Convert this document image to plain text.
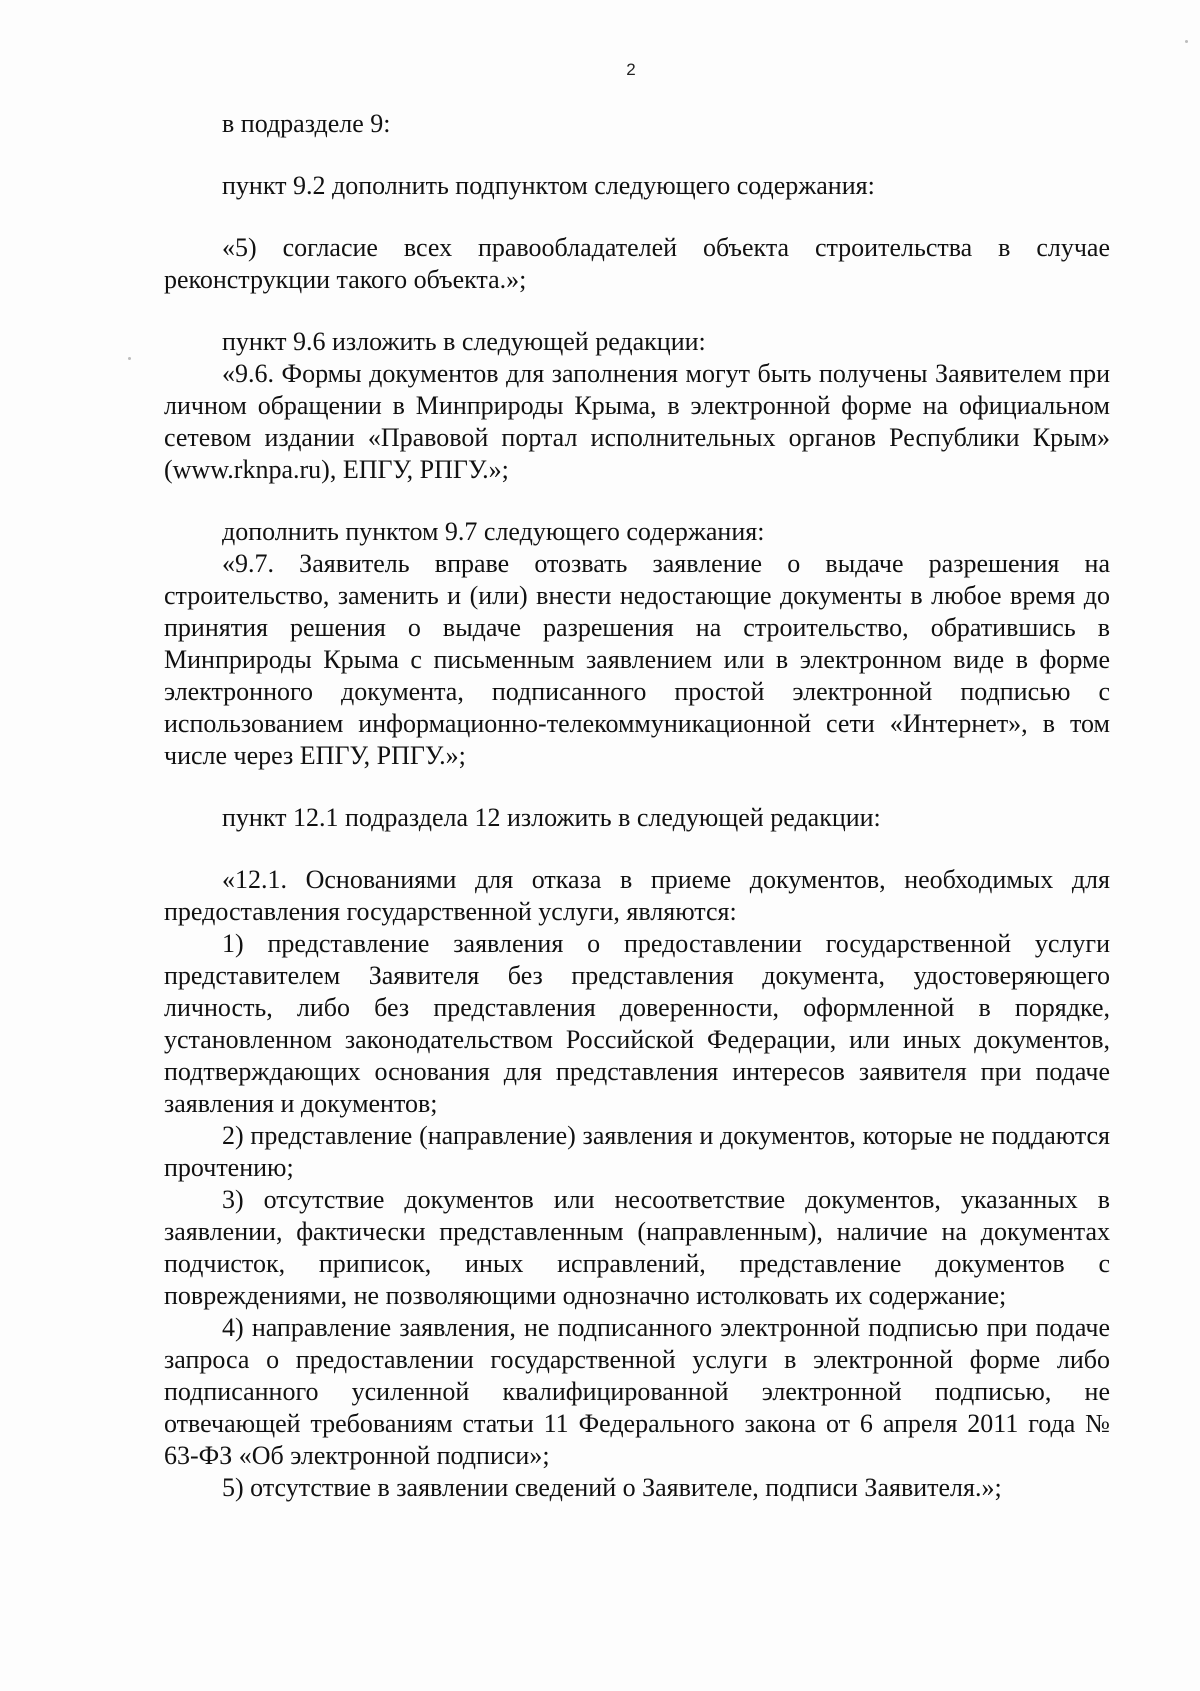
2

в подразделе 9:

пункт 9.2 дополнить подпунктом следующего содержания:

«5) согласие всех правообладателей объекта строительства в случае реконструкции такого объекта.»;

пункт 9.6 изложить в следующей редакции:

«9.6. Формы документов для заполнения могут быть получены Заявителем при личном обращении в Минприроды Крыма, в электронной форме на официальном сетевом издании «Правовой портал исполнительных органов Республики Крым» (www.rknpa.ru), ЕПГУ, РПГУ.»;

дополнить пунктом 9.7 следующего содержания:

«9.7. Заявитель вправе отозвать заявление о выдаче разрешения на строительство, заменить и (или) внести недостающие документы в любое время до принятия решения о выдаче разрешения на строительство, обратившись в Минприроды Крыма с письменным заявлением или в электронном виде в форме электронного документа, подписанного простой электронной подписью с использованием информационно-телекоммуникационной сети «Интернет», в том числе через ЕПГУ, РПГУ.»;

пункт 12.1 подраздела 12 изложить в следующей редакции:

«12.1. Основаниями для отказа в приеме документов, необходимых для предоставления государственной услуги, являются:

1) представление заявления о предоставлении государственной услуги представителем Заявителя без представления документа, удостоверяющего личность, либо без представления доверенности, оформленной в порядке, установленном законодательством Российской Федерации, или иных документов, подтверждающих основания для представления интересов заявителя при подаче заявления и документов;

2) представление (направление) заявления и документов, которые не поддаются прочтению;

3) отсутствие документов или несоответствие документов, указанных в заявлении, фактически представленным (направленным), наличие на документах подчисток, приписок, иных исправлений, представление документов с повреждениями, не позволяющими однозначно истолковать их содержание;

4) направление заявления, не подписанного электронной подписью при подаче запроса о предоставлении государственной услуги в электронной форме либо подписанного усиленной квалифицированной электронной подписью, не отвечающей требованиям статьи 11 Федерального закона от 6 апреля 2011 года № 63-ФЗ «Об электронной подписи»;

5) отсутствие в заявлении сведений о Заявителе, подписи Заявителя.»;
